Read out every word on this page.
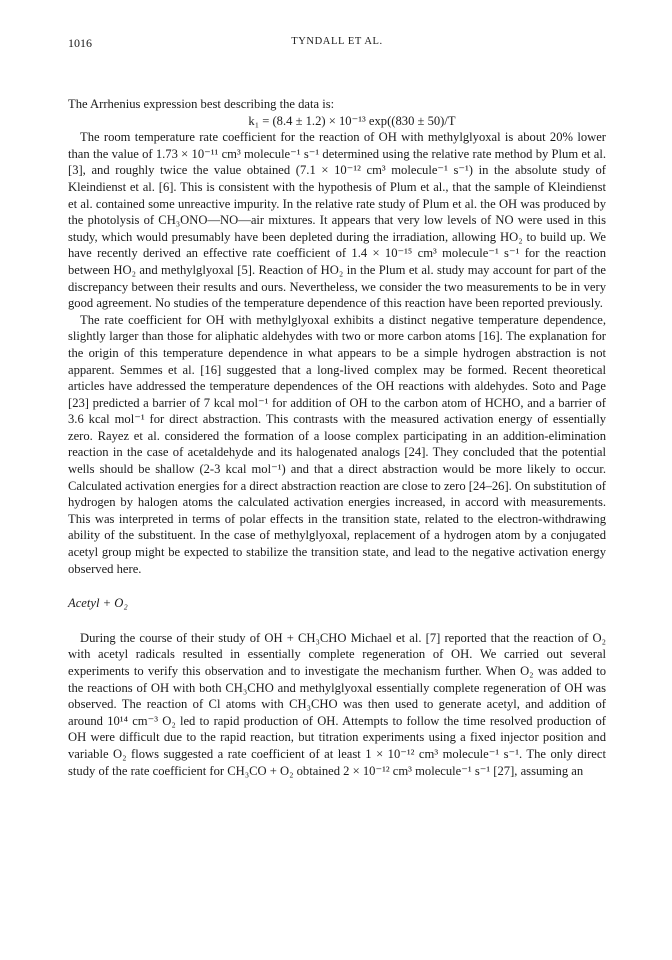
1016	TYNDALL ET AL.

The Arrhenius expression best describing the data is:

k₁ = (8.4 ± 1.2) × 10⁻¹³ exp((830 ± 50)/T

The room temperature rate coefficient for the reaction of OH with methylglyoxal is about 20% lower than the value of 1.73 × 10⁻¹¹ cm³ molecule⁻¹ s⁻¹ determined using the relative rate method by Plum et al. [3], and roughly twice the value obtained (7.1 × 10⁻¹² cm³ molecule⁻¹ s⁻¹) in the absolute study of Kleindienst et al. [6]. This is consistent with the hypothesis of Plum et al., that the sample of Kleindienst et al. contained some unreactive impurity. In the relative rate study of Plum et al. the OH was produced by the photolysis of CH₃ONO—NO—air mixtures. It appears that very low levels of NO were used in this study, which would presumably have been depleted during the irradiation, allowing HO₂ to build up. We have recently derived an effective rate coefficient of 1.4 × 10⁻¹⁵ cm³ molecule⁻¹ s⁻¹ for the reaction between HO₂ and methylglyoxal [5]. Reaction of HO₂ in the Plum et al. study may account for part of the discrepancy between their results and ours. Nevertheless, we consider the two measurements to be in very good agreement. No studies of the temperature dependence of this reaction have been reported previously.

The rate coefficient for OH with methylglyoxal exhibits a distinct negative temperature dependence, slightly larger than those for aliphatic aldehydes with two or more carbon atoms [16]. The explanation for the origin of this temperature dependence in what appears to be a simple hydrogen abstraction is not apparent. Semmes et al. [16] suggested that a long-lived complex may be formed. Recent theoretical articles have addressed the temperature dependences of the OH reactions with aldehydes. Soto and Page [23] predicted a barrier of 7 kcal mol⁻¹ for addition of OH to the carbon atom of HCHO, and a barrier of 3.6 kcal mol⁻¹ for direct abstraction. This contrasts with the measured activation energy of essentially zero. Rayez et al. considered the formation of a loose complex participating in an addition-elimination reaction in the case of acetaldehyde and its halogenated analogs [24]. They concluded that the potential wells should be shallow (2-3 kcal mol⁻¹) and that a direct abstraction would be more likely to occur. Calculated activation energies for a direct abstraction reaction are close to zero [24–26]. On substitution of hydrogen by halogen atoms the calculated activation energies increased, in accord with measurements. This was interpreted in terms of polar effects in the transition state, related to the electron-withdrawing ability of the substituent. In the case of methylglyoxal, replacement of a hydrogen atom by a conjugated acetyl group might be expected to stabilize the transition state, and lead to the negative activation energy observed here.

Acetyl + O₂

During the course of their study of OH + CH₃CHO Michael et al. [7] reported that the reaction of O₂ with acetyl radicals resulted in essentially complete regeneration of OH. We carried out several experiments to verify this observation and to investigate the mechanism further. When O₂ was added to the reactions of OH with both CH₃CHO and methylglyoxal essentially complete regeneration of OH was observed. The reaction of Cl atoms with CH₃CHO was then used to generate acetyl, and addition of around 10¹⁴ cm⁻³ O₂ led to rapid production of OH. Attempts to follow the time resolved production of OH were difficult due to the rapid reaction, but titration experiments using a fixed injector position and variable O₂ flows suggested a rate coefficient of at least 1 × 10⁻¹² cm³ molecule⁻¹ s⁻¹. The only direct study of the rate coefficient for CH₃CO + O₂ obtained 2 × 10⁻¹² cm³ molecule⁻¹ s⁻¹ [27], assuming an
